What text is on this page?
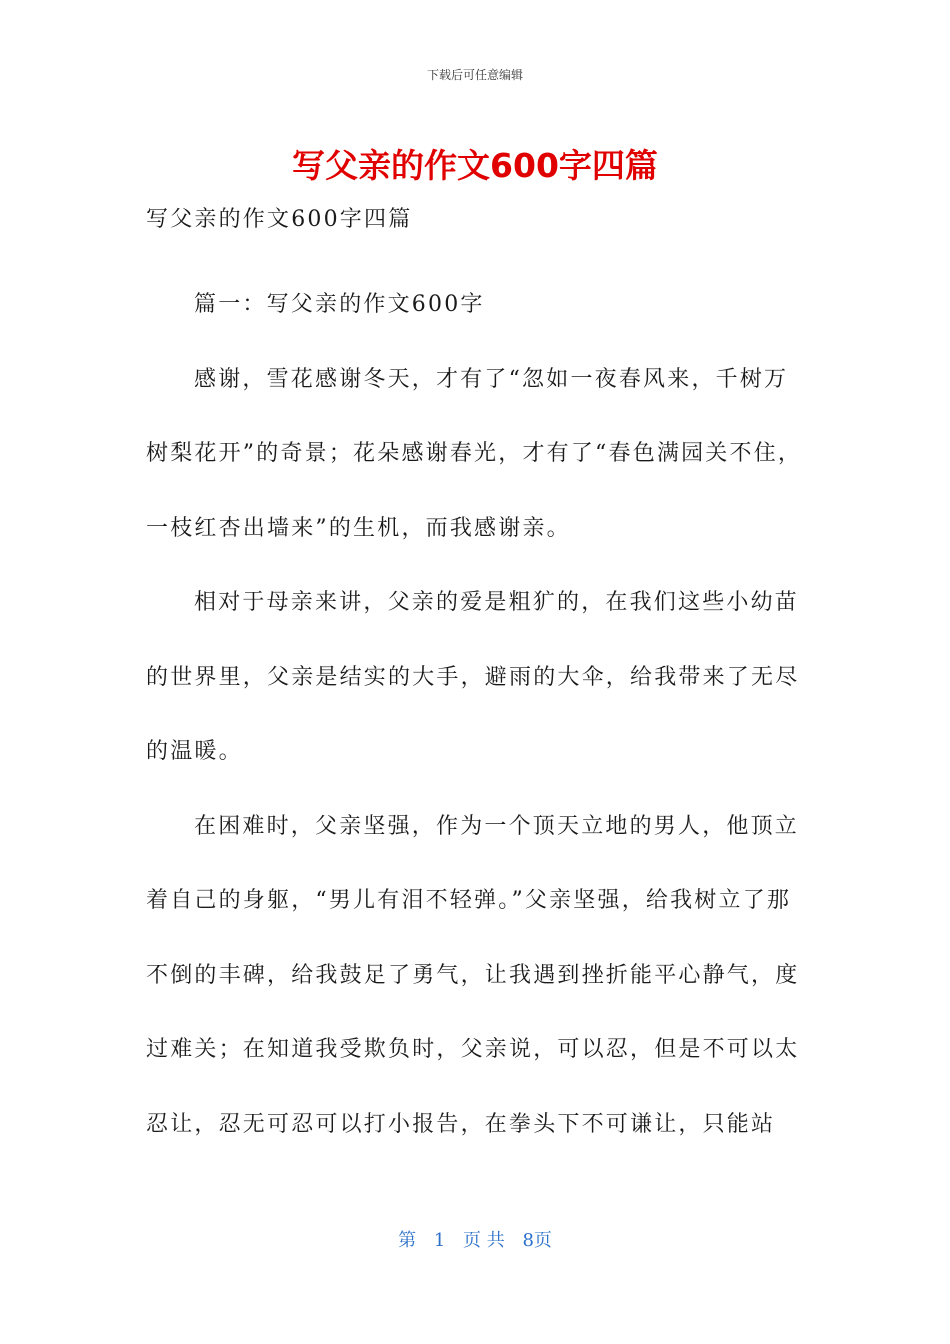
下载后可任意编辑
写父亲的作文600字四篇

写父亲的作文600字四篇

篇一：写父亲的作文600字

感谢，雪花感谢冬天，才有了“忽如一夜春风来，千树万树梨花开”的奇景；花朵感谢春光，才有了“春色满园关不住，一枝红杏出墙来”的生机，而我感谢亲。

相对于母亲来讲，父亲的爱是粗犷的，在我们这些小幼苗的世界里，父亲是结实的大手，避雨的大伞，给我带来了无尽的温暖。

在困难时，父亲坚强，作为一个顶天立地的男人，他顶立着自己的身躯，“男儿有泪不轻弹。”父亲坚强，给我树立了那不倒的丰碑，给我鼓足了勇气，让我遇到挫折能平心静气，度过难关；在知道我受欺负时，父亲说，可以忍，但是不可以太忍让，忍无可忍可以打小报告，在拳头下不可谦让，只能站

第 1 页 共 8页
